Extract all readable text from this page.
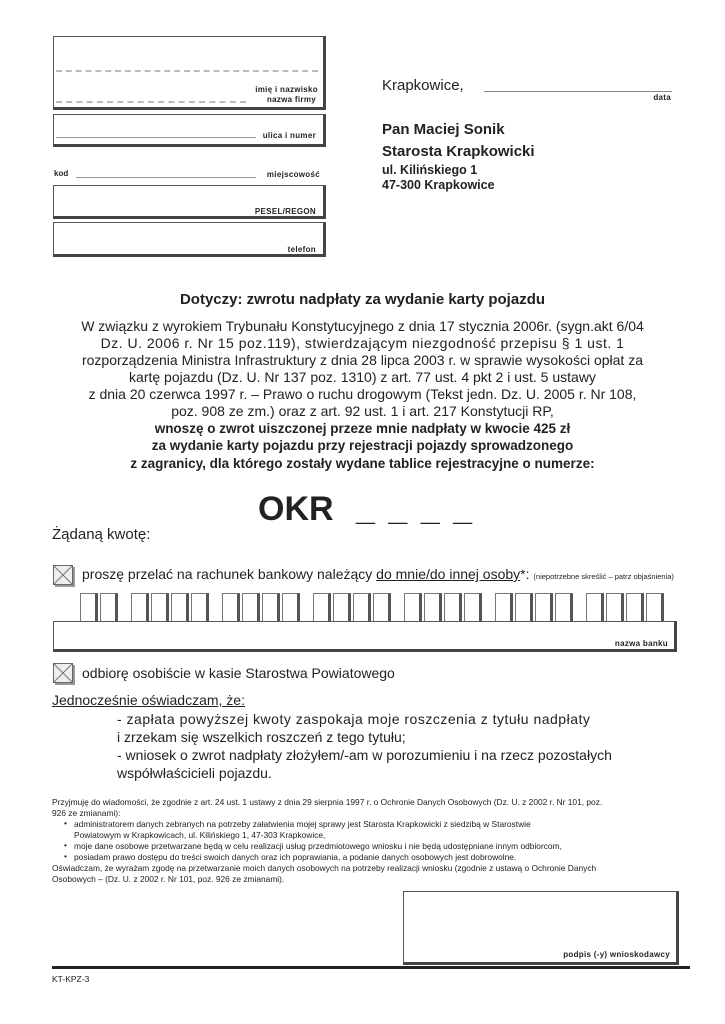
imię i nazwisko
nazwa firmy
ulica i numer
kod	miejscowość
PESEL/REGON
telefon
Krapkowice,
data
Pan Maciej Sonik
Starosta Krapkowicki
ul. Kilińskiego 1
47-300 Krapkowice
Dotyczy: zwrotu nadpłaty za wydanie karty pojazdu
W związku z wyrokiem Trybunału Konstytucyjnego z dnia 17 stycznia 2006r. (sygn.akt 6/04
Dz. U. 2006 r. Nr 15 poz.119), stwierdzającym niezgodność przepisu § 1 ust. 1
rozporządzenia Ministra Infrastruktury z dnia 28 lipca 2003 r. w sprawie wysokości opłat za
kartę pojazdu (Dz. U. Nr 137 poz. 1310) z art. 77 ust. 4 pkt 2 i ust. 5 ustawy
z dnia 20 czerwca 1997 r. – Prawo o ruchu drogowym (Tekst jedn. Dz. U. 2005 r. Nr 108,
poz. 908 ze zm.) oraz z art. 92 ust. 1 i art. 217 Konstytucji RP,
wnoszę o zwrot uiszczonej przeze mnie nadpłaty w kwocie 425 zł
za wydanie karty pojazdu przy rejestracji pojazdy sprowadzonego
z zagranicy, dla którego zostały wydane tablice rejestracyjne o numerze:
OKR _ _ _ _
Żądaną kwotę:
proszę przelać na rachunek bankowy należący do mnie/do innej osoby*: (niepotrzebne skreślić – patrz objaśnienia)
nazwa banku
odbiorę osobiście w kasie Starostwa Powiatowego
Jednocześnie oświadczam, że:
- zapłata powyższej kwoty zaspokaja moje roszczenia z tytułu nadpłaty
i zrzekam się wszelkich roszczeń z tego tytułu;
- wniosek o zwrot nadpłaty złożyłem/-am w porozumieniu i na rzecz pozostałych
współwłaścicieli pojazdu.
Przyjmuję do wiadomości, że zgodnie z art. 24 ust. 1 ustawy z dnia 29 sierpnia 1997 r. o Ochronie Danych Osobowych (Dz. U. z 2002 r. Nr 101, poz.
926 ze zmianami):
• administratorem danych zebranych na potrzeby załatwienia mojej sprawy jest Starosta Krapkowicki z siedzibą w Starostwie
Powiatowym w Krapkowicach, ul. Kilińskiego 1, 47-303 Krapkowice,
• moje dane osobowe przetwarzane będą w celu realizacji usług przedmiotowego wniosku i nie będą udostępniane innym odbiorcom,
• posiadam prawo dostępu do treści swoich danych oraz ich poprawiania, a podanie danych osobowych jest dobrowolne.
Oświadczam, że wyrażam zgodę na przetwarzanie moich danych osobowych na potrzeby realizacji wniosku (zgodnie z ustawą o Ochronie Danych
Osobowych – (Dz. U. z 2002 r. Nr 101, poz. 926 ze zmianami).
podpis (-y) wnioskodawcy
KT-KPZ-3
